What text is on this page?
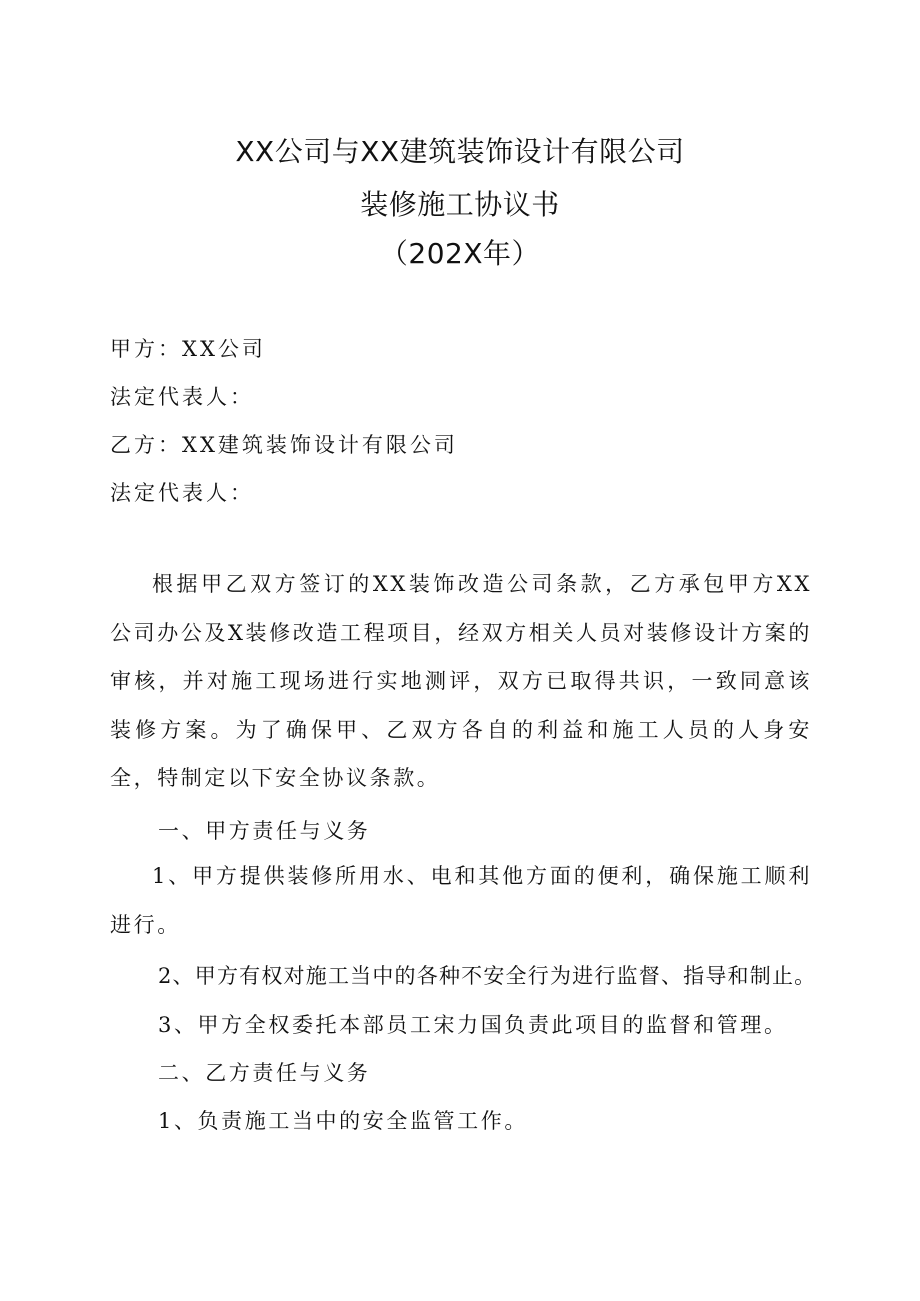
XX公司与XX建筑装饰设计有限公司
装修施工协议书
（202X年）
甲方：XX公司
法定代表人：
乙方：XX建筑装饰设计有限公司
法定代表人：
根据甲乙双方签订的XX装饰改造公司条款，乙方承包甲方XX公司办公及X装修改造工程项目，经双方相关人员对装修设计方案的审核，并对施工现场进行实地测评，双方已取得共识，一致同意该装修方案。为了确保甲、乙双方各自的利益和施工人员的人身安全，特制定以下安全协议条款。
一、甲方责任与义务
1、甲方提供装修所用水、电和其他方面的便利，确保施工顺利进行。
2、甲方有权对施工当中的各种不安全行为进行监督、指导和制止。
3、甲方全权委托本部员工宋力国负责此项目的监督和管理。
二、乙方责任与义务
1、负责施工当中的安全监管工作。
